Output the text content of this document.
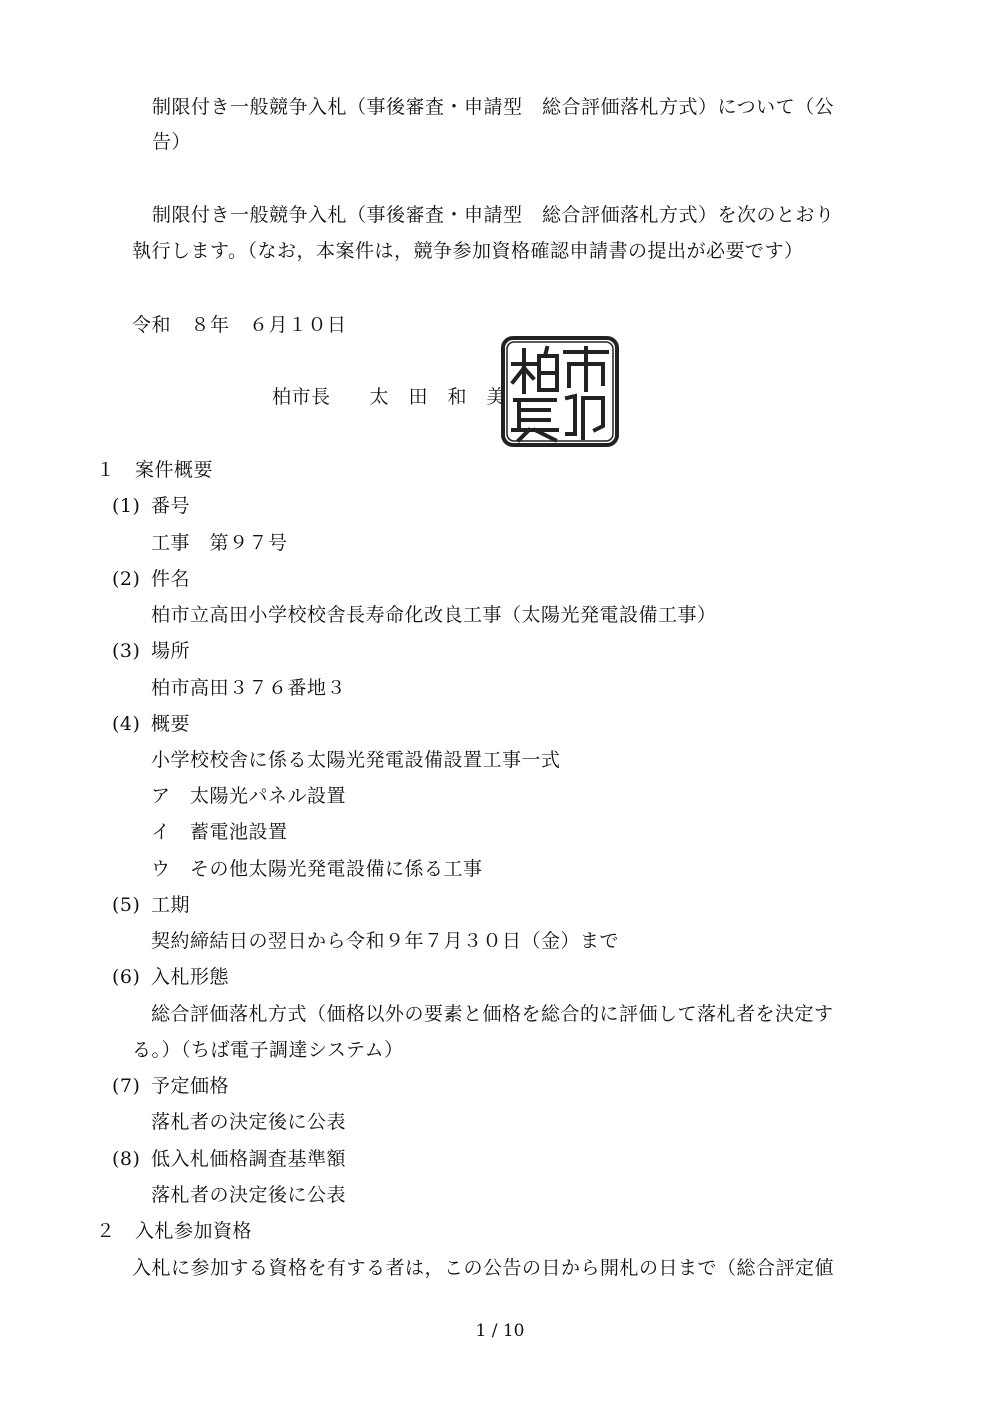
制限付き一般競争入札（事後審査・申請型　総合評価落札方式）について（公
告）
制限付き一般競争入札（事後審査・申請型　総合評価落札方式）を次のとおり
執行します。（なお，本案件は，競争参加資格確認申請書の提出が必要です）
令和　８年　６月１０日
柏市長　　太　田　和　美
１　案件概要
(1) 番号
工事　第９７号
(2) 件名
柏市立高田小学校校舎長寿命化改良工事（太陽光発電設備工事）
(3) 場所
柏市高田３７６番地３
(4) 概要
小学校校舎に係る太陽光発電設備設置工事一式
ア　太陽光パネル設置
イ　蓄電池設置
ウ　その他太陽光発電設備に係る工事
(5) 工期
契約締結日の翌日から令和９年７月３０日（金）まで
(6) 入札形態
総合評価落札方式（価格以外の要素と価格を総合的に評価して落札者を決定す
る。）（ちば電子調達システム）
(7) 予定価格
落札者の決定後に公表
(8) 低入札価格調査基準額
落札者の決定後に公表
２　入札参加資格
入札に参加する資格を有する者は，この公告の日から開札の日まで（総合評定値
1 / 10
